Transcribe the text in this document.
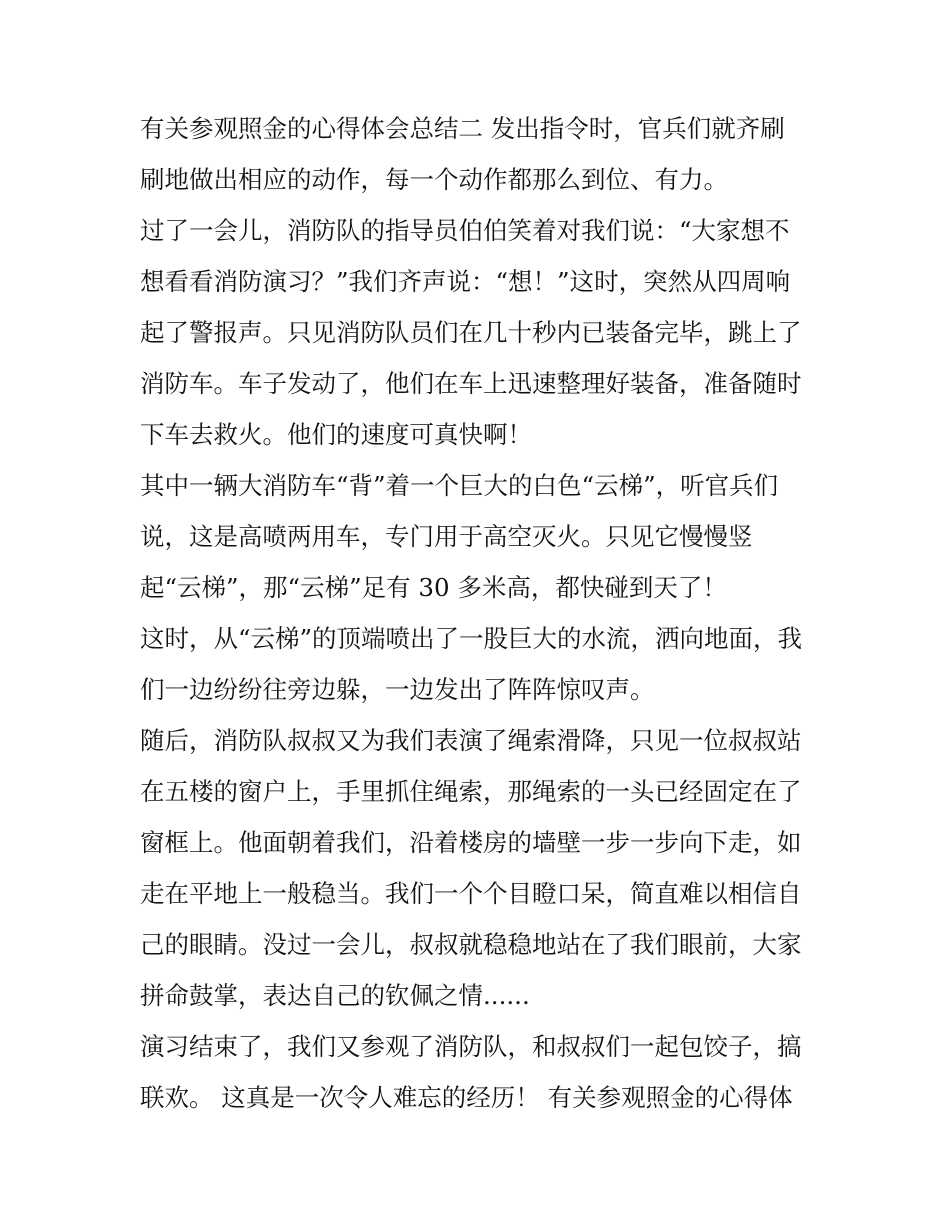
有关参观照金的心得体会总结二 发出指令时，官兵们就齐刷
刷地做出相应的动作，每一个动作都那么到位、有力。
过了一会儿，消防队的指导员伯伯笑着对我们说：“大家想不
想看看消防演习？”我们齐声说：“想！”这时，突然从四周响
起了警报声。只见消防队员们在几十秒内已装备完毕，跳上了
消防车。车子发动了，他们在车上迅速整理好装备，准备随时
下车去救火。他们的速度可真快啊！
其中一辆大消防车“背”着一个巨大的白色“云梯”，听官兵们
说，这是高喷两用车，专门用于高空灭火。只见它慢慢竖
起“云梯”，那“云梯”足有 30 多米高，都快碰到天了！
这时，从“云梯”的顶端喷出了一股巨大的水流，洒向地面，我
们一边纷纷往旁边躲，一边发出了阵阵惊叹声。
随后，消防队叔叔又为我们表演了绳索滑降，只见一位叔叔站
在五楼的窗户上，手里抓住绳索，那绳索的一头已经固定在了
窗框上。他面朝着我们，沿着楼房的墙壁一步一步向下走，如
走在平地上一般稳当。我们一个个目瞪口呆，简直难以相信自
己的眼睛。没过一会儿，叔叔就稳稳地站在了我们眼前，大家
拼命鼓掌，表达自己的钦佩之情......
演习结束了，我们又参观了消防队，和叔叔们一起包饺子，搞
联欢。 这真是一次令人难忘的经历！ 有关参观照金的心得体
